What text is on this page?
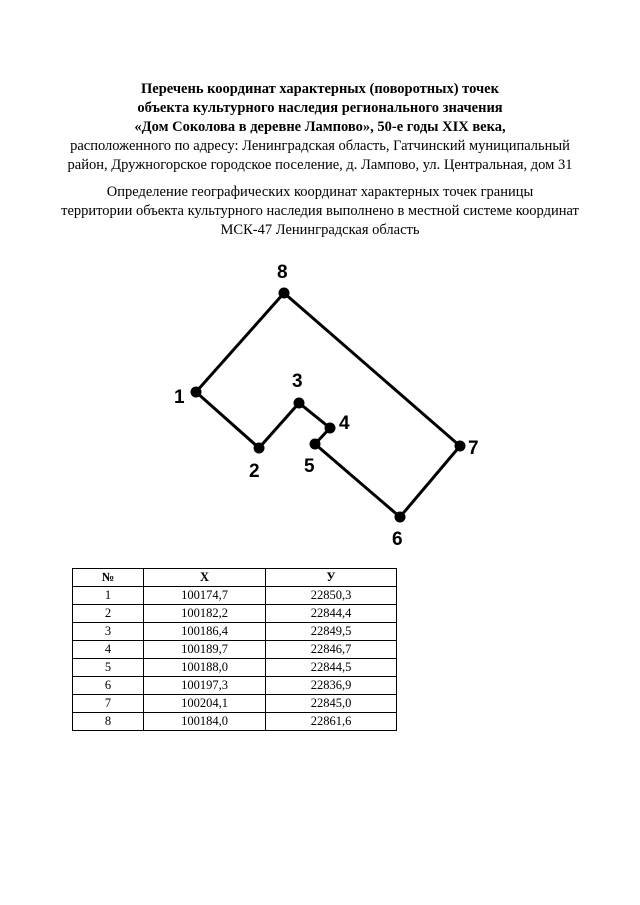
Перечень координат характерных (поворотных) точек
объекта культурного наследия регионального значения
«Дом Соколова в деревне Лампово», 50-е годы XIX века,
расположенного по адресу: Ленинградская область, Гатчинский муниципальный
район, Дружногорское городское поселение, д. Лампово, ул. Центральная, дом 31
Определение географических координат характерных точек границы
территории объекта культурного наследия выполнено в местной системе координат
МСК-47 Ленинградская область
1
2
3
4
5
6
7
8
№	X	У
1	100174,7	22850,3
2	100182,2	22844,4
3	100186,4	22849,5
4	100189,7	22846,7
5	100188,0	22844,5
6	100197,3	22836,9
7	100204,1	22845,0
8	100184,0	22861,6
